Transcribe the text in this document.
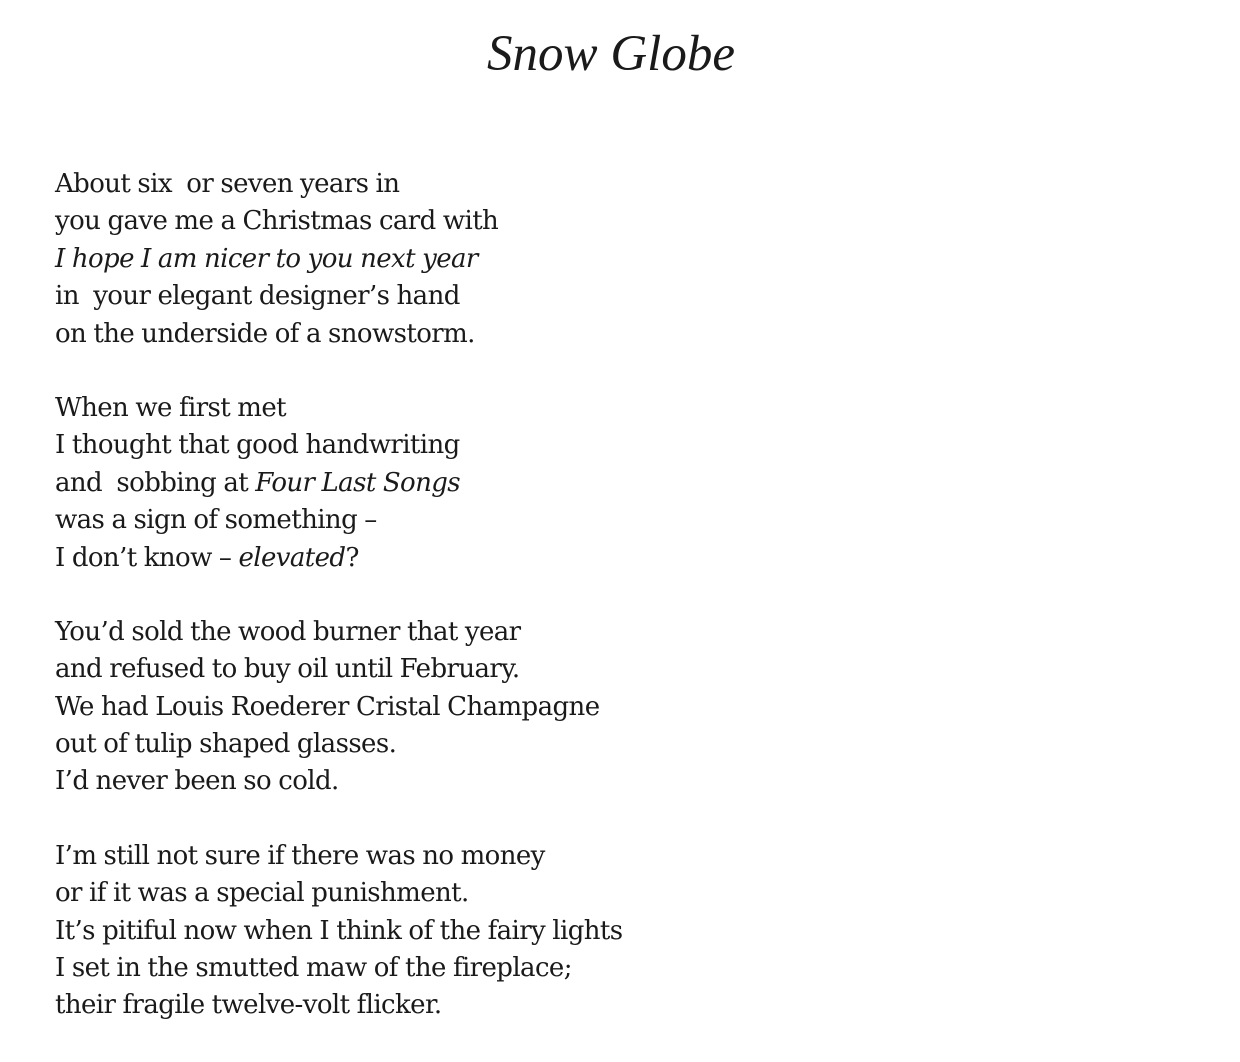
Snow Globe
About six  or seven years in
you gave me a Christmas card with
I hope I am nicer to you next year
in  your elegant designer’s hand
on the underside of a snowstorm.
When we first met
I thought that good handwriting
and  sobbing at Four Last Songs
was a sign of something –
I don’t know – elevated?
You’d sold the wood burner that year
and refused to buy oil until February.
We had Louis Roederer Cristal Champagne
out of tulip shaped glasses.
I’d never been so cold.
I’m still not sure if there was no money
or if it was a special punishment.
It’s pitiful now when I think of the fairy lights
I set in the smutted maw of the fireplace;
their fragile twelve-volt flicker.
